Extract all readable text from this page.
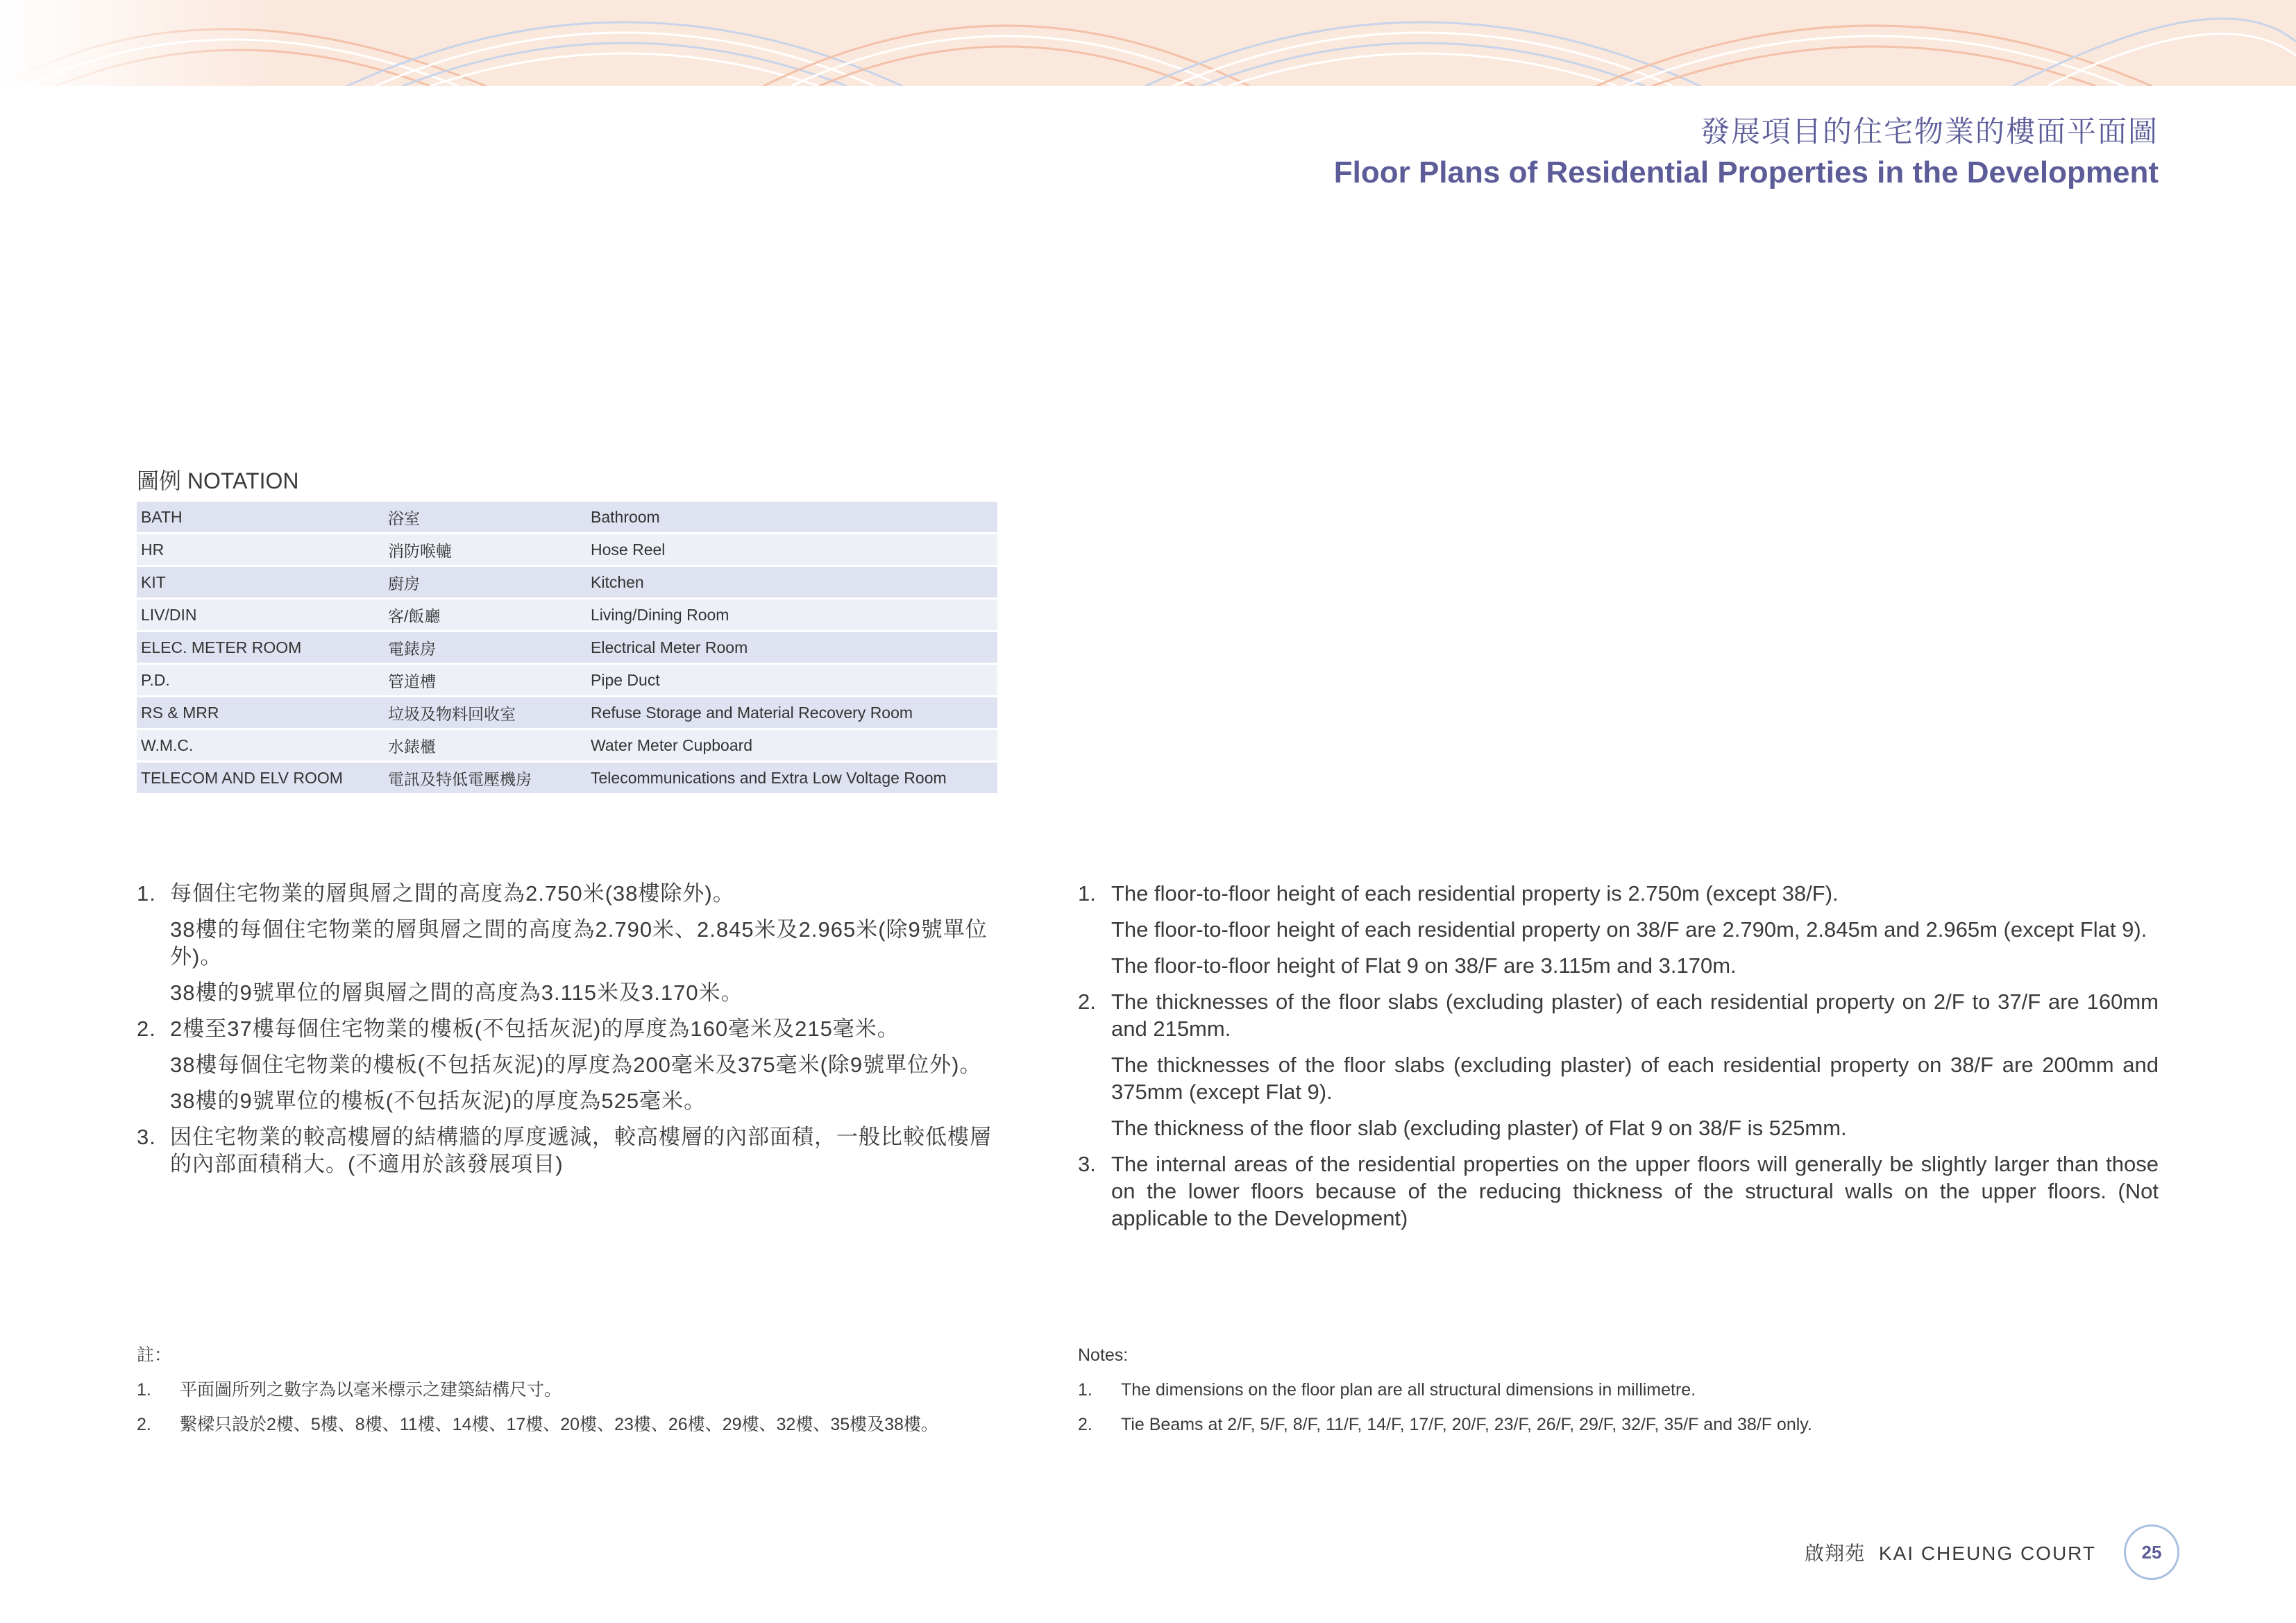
發展項目的住宅物業的樓面平面圖
Floor Plans of Residential Properties in the Development
圖例 NOTATION
BATH	浴室	Bathroom
HR	消防喉轆	Hose Reel
KIT	廚房	Kitchen
LIV/DIN	客/飯廳	Living/Dining Room
ELEC. METER ROOM	電錶房	Electrical Meter Room
P.D.	管道槽	Pipe Duct
RS & MRR	垃圾及物料回收室	Refuse Storage and Material Recovery Room
W.M.C.	水錶櫃	Water Meter Cupboard
TELECOM AND ELV ROOM	電訊及特低電壓機房	Telecommunications and Extra Low Voltage Room
1. 每個住宅物業的層與層之間的高度為2.750米(38樓除外)。
38樓的每個住宅物業的層與層之間的高度為2.790米、2.845米及2.965米(除9號單位外)。
38樓的9號單位的層與層之間的高度為3.115米及3.170米。
2. 2樓至37樓每個住宅物業的樓板(不包括灰泥)的厚度為160毫米及215毫米。
38樓每個住宅物業的樓板(不包括灰泥)的厚度為200毫米及375毫米(除9號單位外)。
38樓的9號單位的樓板(不包括灰泥)的厚度為525毫米。
3. 因住宅物業的較高樓層的結構牆的厚度遞減，較高樓層的內部面積，一般比較低樓層的內部面積稍大。(不適用於該發展項目)
1. The floor-to-floor height of each residential property is 2.750m (except 38/F).
The floor-to-floor height of each residential property on 38/F are 2.790m, 2.845m and 2.965m (except Flat 9).
The floor-to-floor height of Flat 9 on 38/F are 3.115m and 3.170m.
2. The thicknesses of the floor slabs (excluding plaster) of each residential property on 2/F to 37/F are 160mm and 215mm.
The thicknesses of the floor slabs (excluding plaster) of each residential property on 38/F are 200mm and 375mm (except Flat 9).
The thickness of the floor slab (excluding plaster) of Flat 9 on 38/F is 525mm.
3. The internal areas of the residential properties on the upper floors will generally be slightly larger than those on the lower floors because of the reducing thickness of the structural walls on the upper floors. (Not applicable to the Development)
註：
1. 平面圖所列之數字為以毫米標示之建築結構尺寸。
2. 繫樑只設於2樓、5樓、8樓、11樓、14樓、17樓、20樓、23樓、26樓、29樓、32樓、35樓及38樓。
Notes:
1. The dimensions on the floor plan are all structural dimensions in millimetre.
2. Tie Beams at 2/F, 5/F, 8/F, 11/F, 14/F, 17/F, 20/F, 23/F, 26/F, 29/F, 32/F, 35/F and 38/F only.
啟翔苑 KAI CHEUNG COURT	25
